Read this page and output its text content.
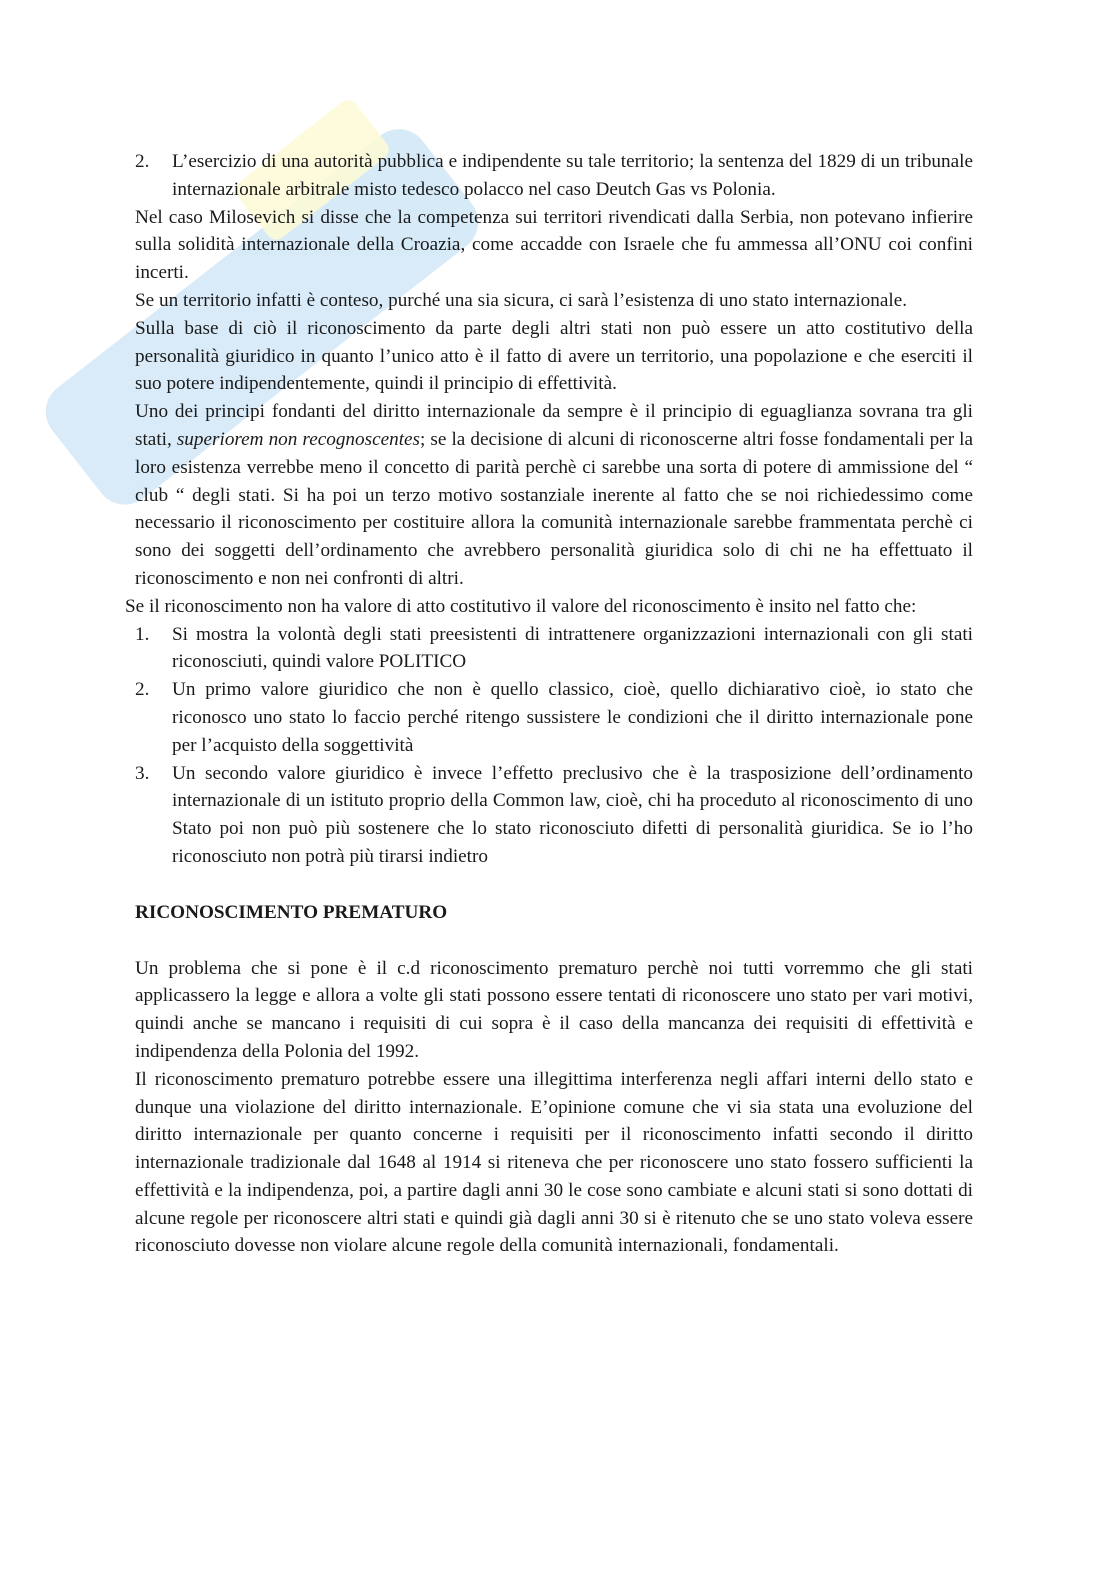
2. L’esercizio di una autorità pubblica e indipendente su tale territorio; la sentenza del 1829 di un tribunale internazionale arbitrale misto tedesco polacco nel caso Deutch Gas vs Polonia.

Nel caso Milosevich si disse che la competenza sui territori rivendicati dalla Serbia, non potevano infierire sulla solidità internazionale della Croazia, come accadde con Israele che fu ammessa all’ONU coi confini incerti.

Se un territorio infatti è conteso, purché una sia sicura, ci sarà l’esistenza di uno stato internazionale.

Sulla base di ciò il riconoscimento da parte degli altri stati non può essere un atto costitutivo della personalità giuridico in quanto l’unico atto è il fatto di avere un territorio, una popolazione e che eserciti il suo potere indipendentemente, quindi il principio di effettività.

Uno dei principi fondanti del diritto internazionale da sempre è il principio di eguaglianza sovrana tra gli stati, superiorem non recognoscentes; se la decisione di alcuni di riconoscerne altri fosse fondamentali per la loro esistenza verrebbe meno il concetto di parità perchè ci sarebbe una sorta di potere di ammissione del “ club “ degli stati. Si ha poi un terzo motivo sostanziale inerente al fatto che se noi richiedessimo come necessario il riconoscimento per costituire allora la comunità internazionale sarebbe frammentata perchè ci sono dei soggetti dell’ordinamento che avrebbero personalità giuridica solo di chi ne ha effettuato il riconoscimento e non nei confronti di altri.

Se il riconoscimento non ha valore di atto costitutivo il valore del riconoscimento è insito nel fatto che:

1. Si mostra la volontà degli stati preesistenti di intrattenere organizzazioni internazionali con gli stati riconosciuti, quindi valore POLITICO
2. Un primo valore giuridico che non è quello classico, cioè, quello dichiarativo cioè, io stato che riconosco uno stato lo faccio perché ritengo sussistere le condizioni che il diritto internazionale pone per l’acquisto della soggettività
3. Un secondo valore giuridico è invece l’effetto preclusivo che è la trasposizione dell’ordinamento internazionale di un istituto proprio della Common law, cioè, chi ha proceduto al riconoscimento di uno Stato poi non può più sostenere che lo stato riconosciuto difetti di personalità giuridica. Se io l’ho riconosciuto non potrà più tirarsi indietro

RICONOSCIMENTO PREMATURO

Un problema che si pone è il c.d riconoscimento prematuro perchè noi tutti vorremmo che gli stati applicassero la legge e allora a volte gli stati possono essere tentati di riconoscere uno stato per vari motivi, quindi anche se mancano i requisiti di cui sopra è il caso della mancanza dei requisiti di effettività e indipendenza della Polonia del 1992.

Il riconoscimento prematuro potrebbe essere una illegittima interferenza negli affari interni dello stato e dunque una violazione del diritto internazionale. E’opinione comune che vi sia stata una evoluzione del diritto internazionale per quanto concerne i requisiti per il riconoscimento infatti secondo il diritto internazionale tradizionale dal 1648 al 1914 si riteneva che per riconoscere uno stato fossero sufficienti la effettività e la indipendenza, poi, a partire dagli anni 30 le cose sono cambiate e alcuni stati si sono dottati di alcune regole per riconoscere altri stati e quindi già dagli anni 30 si è ritenuto che se uno stato voleva essere riconosciuto dovesse non violare alcune regole della comunità internazionali, fondamentali.
